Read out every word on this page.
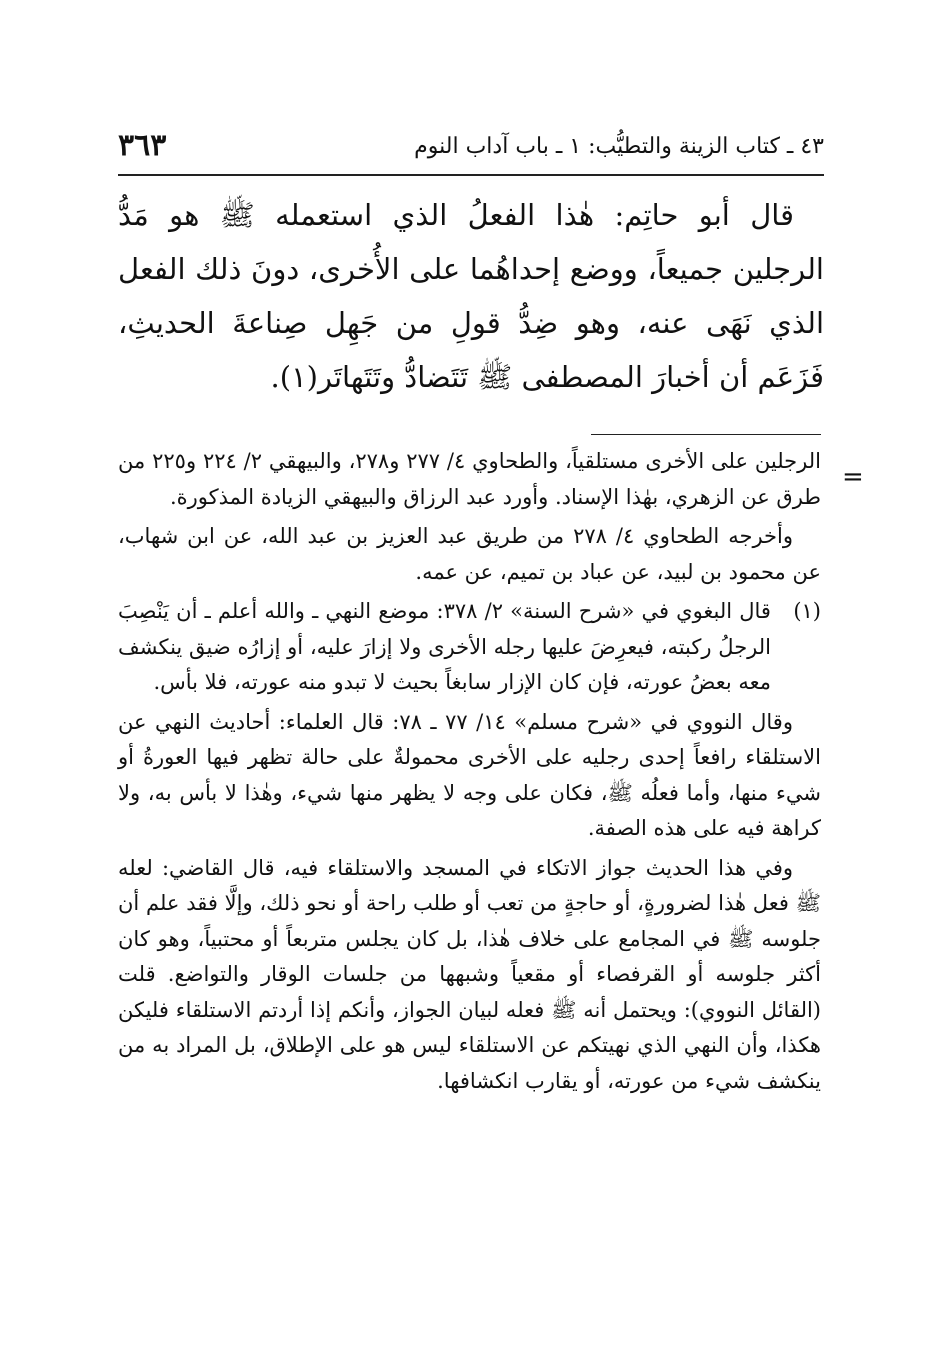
٤٣ ـ كتاب الزينة والتطيُّب: ١ ـ باب آداب النوم
٣٦٣

قال أبو حاتِم: هٰذا الفعلُ الذي استعمله ﷺ هو مَدُّ الرجلين جميعاً، ووضع إحداهُما على الأُخرى، دونَ ذلك الفعل الذي نَهَى عنه، وهو ضِدُّ قولِ من جَهِل صِناعةَ الحديثِ، فَزَعَم أن أخبارَ المصطفى ﷺ تَتَضادُّ وتَتَهاتَر(١).

=

الرجلين على الأخرى مستلقياً، والطحاوي ٤/ ٢٧٧ و٢٧٨، والبيهقي ٢/ ٢٢٤ و٢٢٥ من طرق عن الزهري، بهٰذا الإسناد. وأورد عبد الرزاق والبيهقي الزيادة المذكورة.

وأخرجه الطحاوي ٤/ ٢٧٨ من طريق عبد العزيز بن عبد الله، عن ابن شهاب، عن محمود بن لبيد، عن عباد بن تميم، عن عمه.

(١)

قال البغوي في «شرح السنة» ٢/ ٣٧٨: موضع النهي ـ والله أعلم ـ أن يَنْصِبَ الرجلُ ركبته، فيعرِضَ عليها رجله الأخرى ولا إزارَ عليه، أو إزارُه ضيق ينكشف معه بعضُ عورته، فإن كان الإزار سابغاً بحيث لا تبدو منه عورته، فلا بأس.

وقال النووي في «شرح مسلم» ١٤/ ٧٧ ـ ٧٨: قال العلماء: أحاديث النهي عن الاستلقاء رافعاً إحدى رجليه على الأخرى محمولةٌ على حالة تظهر فيها العورةُ أو شيء منها، وأما فعلُه ﷺ، فكان على وجه لا يظهر منها شيء، وهٰذا لا بأس به، ولا كراهة فيه على هذه الصفة.

وفي هذا الحديث جواز الاتكاء في المسجد والاستلقاء فيه، قال القاضي: لعله ﷺ فعل هٰذا لضرورةٍ، أو حاجةٍ من تعب أو طلب راحة أو نحو ذلك، وإلَّا فقد علم أن جلوسه ﷺ في المجامع على خلاف هٰذا، بل كان يجلس متربعاً أو محتبياً، وهو كان أكثر جلوسه أو القرفصاء أو مقعياً وشبهها من جلسات الوقار والتواضع. قلت (القائل النووي): ويحتمل أنه ﷺ فعله لبيان الجواز، وأنكم إذا أردتم الاستلقاء فليكن هكذا، وأن النهي الذي نهيتكم عن الاستلقاء ليس هو على الإطلاق، بل المراد به من ينكشف شيء من عورته، أو يقارب انكشافها.
